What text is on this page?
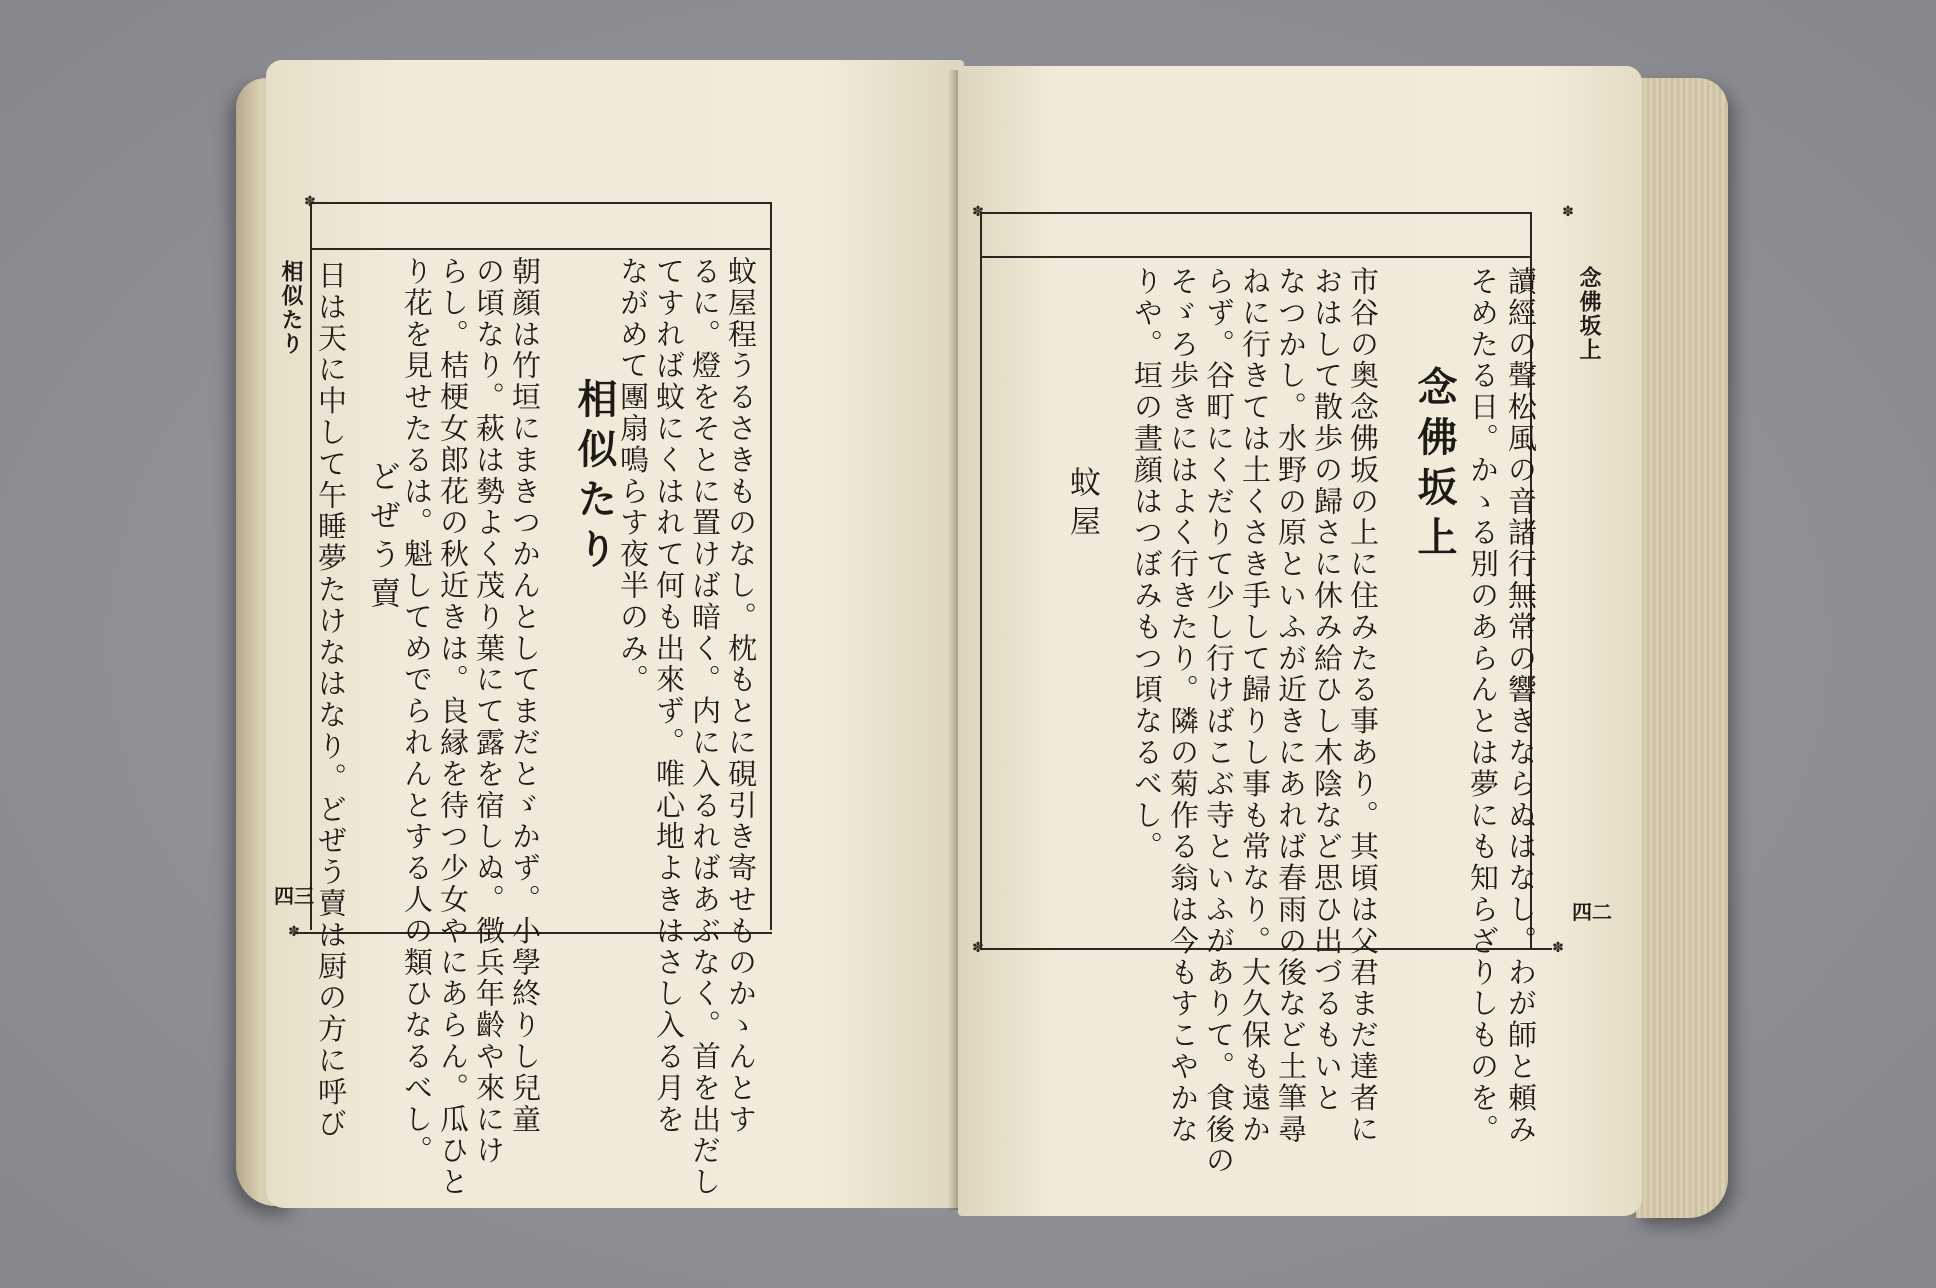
✽
✽
相似たり
四三	蚊屋程うるさきものなし。枕もとに硯引き寄せものかゝんとす
るに。燈をそとに置けば暗く。内に入るればあぶなく。首を出だし
てすれば蚊にくはれて何も出來ず。唯心地よきはさし入る月を
ながめて團扇鳴らす夜半のみ。
相似たり
朝顔は竹垣にまきつかんとしてまだとゞかず。小學終りし兒童
の頃なり。萩は勢よく茂り葉にて露を宿しぬ。徴兵年齡や來にけ
らし。桔梗女郎花の秋近きは。良縁を待つ少女やにあらん。瓜ひと
り花を見せたるは。魁してめでられんとする人の類ひなるべし。
どぜう賣
日は天に中して午睡夢たけなはなり。どぜう賣は厨の方に呼び
✽	✽
✽	✽
念佛坂上
四二
讀經の聲松風の音諸行無常の響きならぬはなし。わが師と頼み
そめたる日。かゝる別のあらんとは夢にも知らざりしものを。
念佛坂上
市谷の奥念佛坂の上に住みたる事あり。其頃は父君まだ達者に
おはして散歩の歸さに休み給ひし木陰など思ひ出づるもいと
なつかし。水野の原といふが近きにあれば春雨の後など土筆尋
ねに行きては土くさき手して歸りし事も常なり。大久保も遠か
らず。谷町にくだりて少し行けばこぶ寺といふがありて。食後の
そゞろ歩きにはよく行きたり。隣の菊作る翁は今もすこやかな
りや。垣の晝顔はつぼみもつ頃なるべし。
蚊屋
